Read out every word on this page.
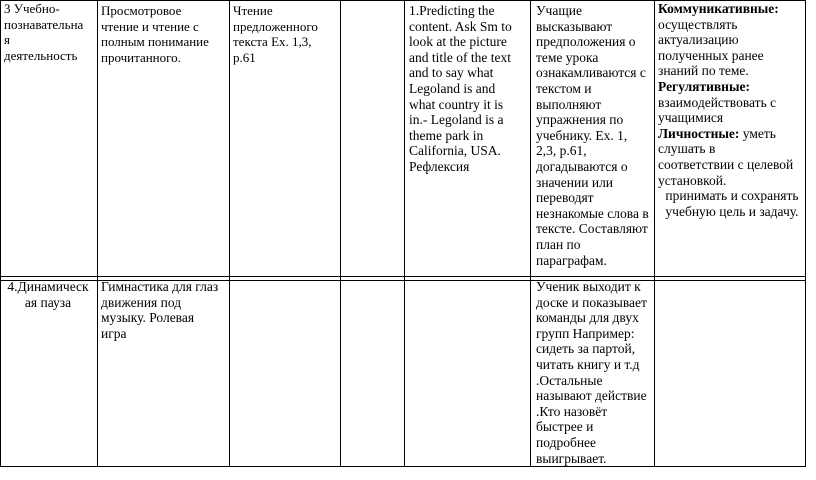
3 Учебно-
познавательна
я
деятельность
Просмотровое
чтение и чтение с
полным понимание
прочитанного.
Чтение
предложенного
текста Ex. 1,3,
p.61
1.Predicting the
content. Ask Sm to
look at the picture
and title of the text
and to say what
Legoland is and
what country it is
in.- Legoland is a
theme park in
California, USA.
Рефлексия
Учащие
высказывают
предположения о
теме урока
ознакамливаются с
текстом и
выполняют
упражнения по
учебнику. Ex. 1,
2,3, p.61,
догадываются о
значении или
переводят
незнакомые слова в
тексте. Составляют
план по
параграфам.
Коммуникативные: осуществлять
актуализацию
полученных ранее
знаний по теме.
Регулятивные:
взаимодействовать с
учащимися
Личностные: уметь
слушать в
соответствии с целевой
установкой.
принимать и сохранять
учебную цель и задачу.
4.Динамическ
ая пауза
Гимнастика для глаз
движения под
музыку. Ролевая
игра
Ученик выходит к
доске и показывает
команды для двух
групп Например:
сидеть за партой,
читать книгу и т.д
.Остальные
называют действие
.Кто назовёт
быстрее и
подробнее
выигрывает.
